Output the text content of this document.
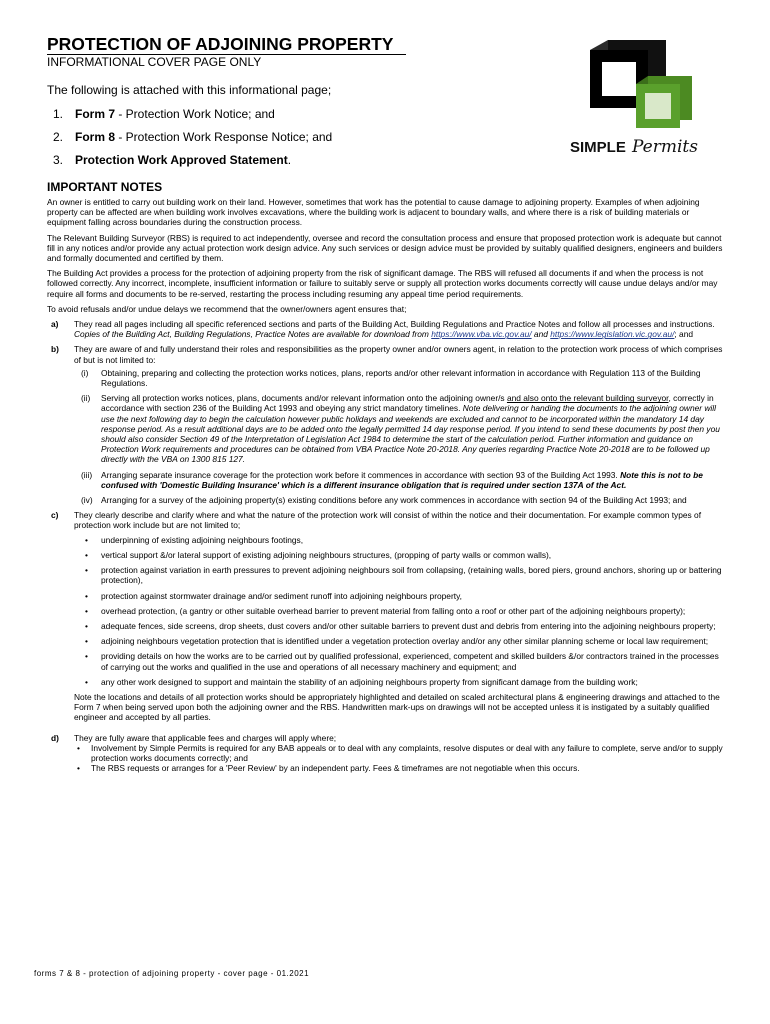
PROTECTION OF ADJOINING PROPERTY
INFORMATIONAL COVER PAGE ONLY
The following is attached with this informational page;
1. Form 7 - Protection Work Notice; and
2. Form 8 - Protection Work Response Notice; and
3. Protection Work Approved Statement.
SIMPLE Permits
IMPORTANT NOTES

An owner is entitled to carry out building work on their land. However, sometimes that work has the potential to cause damage to adjoining property. Examples of when adjoining property can be affected are when building work involves excavations, where the building work is adjacent to boundary walls, and where there is a risk of building materials or equipment falling across boundaries during the construction process.

The Relevant Building Surveyor (RBS) is required to act independently, oversee and record the consultation process and ensure that proposed protection work is adequate but cannot fill in any notices and/or provide any actual protection work design advice. Any such services or design advice must be provided by suitably qualified designers, engineers and builders and formally documented and certified by them.

The Building Act provides a process for the protection of adjoining property from the risk of significant damage. The RBS will refused all documents if and when the process is not followed correctly. Any incorrect, incomplete, insufficient information or failure to suitably serve or supply all protection works documents correctly will cause undue delays and/or may require all forms and documents to be re-served, restarting the process including resuming any appeal time period requirements.

To avoid refusals and/or undue delays we recommend that the owner/owners agent ensures that;

a) They read all pages including all specific referenced sections and parts of the Building Act, Building Regulations and Practice Notes and follow all processes and instructions. Copies of the Building Act, Building Regulations, Practice Notes are available for download from https://www.vba.vic.gov.au/ and https://www.legislation.vic.gov.au/; and
b) They are aware of and fully understand their roles and responsibilities as the property owner and/or owners agent, in relation to the protection work process of which comprises of but is not limited to:
(i) Obtaining, preparing and collecting the protection works notices, plans, reports and/or other relevant information in accordance with Regulation 113 of the Building Regulations.
(ii) Serving all protection works notices, plans, documents and/or relevant information onto the adjoining owner/s and also onto the relevant building surveyor, correctly in accordance with section 236 of the Building Act 1993 and obeying any strict mandatory timelines. Note delivering or handing the documents to the adjoining owner will use the next following day to begin the calculation however public holidays and weekends are excluded and cannot to be incorporated within the mandatory 14 day response period. As a result additional days are to be added onto the legally permitted 14 day response period. If you intend to send these documents by post then you should also consider Section 49 of the Interpretation of Legislation Act 1984 to determine the start of the calculation period. Further information and guidance on Protection Work requirements and procedures can be obtained from VBA Practice Note 20-2018. Any queries regarding Practice Note 20-2018 are to be followed up directly with the VBA on 1300 815 127.
(iii) Arranging separate insurance coverage for the protection work before it commences in accordance with section 93 of the Building Act 1993. Note this is not to be confused with 'Domestic Building Insurance' which is a different insurance obligation that is required under section 137A of the Act.
(iv) Arranging for a survey of the adjoining property(s) existing conditions before any work commences in accordance with section 94 of the Building Act 1993; and
c) They clearly describe and clarify where and what the nature of the protection work will consist of within the notice and their documentation. For example common types of protection work include but are not limited to;
• underpinning of existing adjoining neighbours footings,
• vertical support &/or lateral support of existing adjoining neighbours structures, (propping of party walls or common walls),
• protection against variation in earth pressures to prevent adjoining neighbours soil from collapsing, (retaining walls, bored piers, ground anchors, shoring up or battering protection),
• protection against stormwater drainage and/or sediment runoff into adjoining neighbours property,
• overhead protection, (a gantry or other suitable overhead barrier to prevent material from falling onto a roof or other part of the adjoining neighbours property);
• adequate fences, side screens, drop sheets, dust covers and/or other suitable barriers to prevent dust and debris from entering into the adjoining neighbours property;
• adjoining neighbours vegetation protection that is identified under a vegetation protection overlay and/or any other similar planning scheme or local law requirement;
• providing details on how the works are to be carried out by qualified professional, experienced, competent and skilled builders &/or contractors trained in the processes of carrying out the works and qualified in the use and operations of all necessary machinery and equipment; and
• any other work designed to support and maintain the stability of an adjoining neighbours property from significant damage from the building work;
Note the locations and details of all protection works should be appropriately highlighted and detailed on scaled architectural plans & engineering drawings and attached to the Form 7 when being served upon both the adjoining owner and the RBS. Handwritten mark-ups on drawings will not be accepted unless it is instigated by a suitably qualified engineer and accepted by all parties.
d) They are fully aware that applicable fees and charges will apply where;
• Involvement by Simple Permits is required for any BAB appeals or to deal with any complaints, resolve disputes or deal with any failure to complete, serve and/or to supply protection works documents correctly; and
• The RBS requests or arranges for a 'Peer Review' by an independent party. Fees & timeframes are not negotiable when this occurs.
forms 7 & 8 - protection of adjoining property - cover page - 01.2021
